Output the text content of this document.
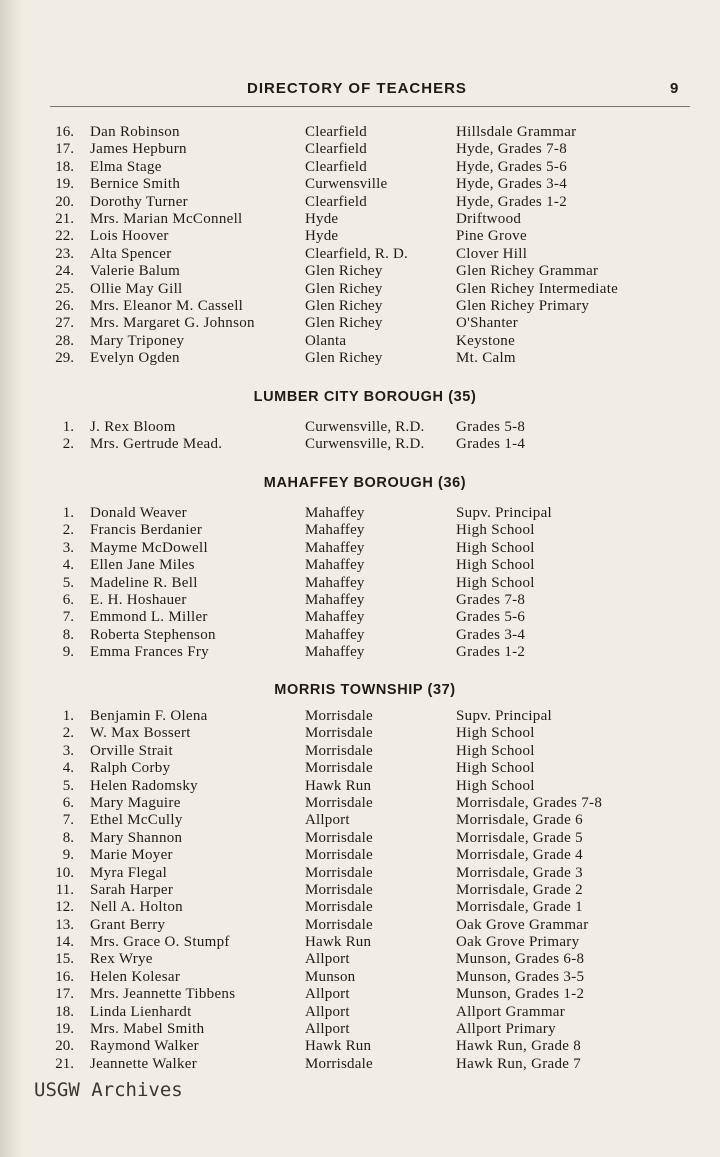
DIRECTORY OF TEACHERS	9
16. Dan Robinson	Clearfield	Hillsdale Grammar
17. James Hepburn	Clearfield	Hyde, Grades 7-8
18. Elma Stage	Clearfield	Hyde, Grades 5-6
19. Bernice Smith	Curwensville	Hyde, Grades 3-4
20. Dorothy Turner	Clearfield	Hyde, Grades 1-2
21. Mrs. Marian McConnell	Hyde	Driftwood
22. Lois Hoover	Hyde	Pine Grove
23. Alta Spencer	Clearfield, R. D.	Clover Hill
24. Valerie Balum	Glen Richey	Glen Richey Grammar
25. Ollie May Gill	Glen Richey	Glen Richey Intermediate
26. Mrs. Eleanor M. Cassell	Glen Richey	Glen Richey Primary
27. Mrs. Margaret G. Johnson	Glen Richey	O'Shanter
28. Mary Triponey	Olanta	Keystone
29. Evelyn Ogden	Glen Richey	Mt. Calm
LUMBER CITY BOROUGH (35)
1. J. Rex Bloom	Curwensville, R.D. Grades 5-8
2. Mrs. Gertrude Mead.	Curwensville, R.D. Grades 1-4
MAHAFFEY BOROUGH (36)
1. Donald Weaver	Mahaffey	Supv. Principal
2. Francis Berdanier	Mahaffey	High School
3. Mayme McDowell	Mahaffey	High School
4. Ellen Jane Miles	Mahaffey	High School
5. Madeline R. Bell	Mahaffey	High School
6. E. H. Hoshauer	Mahaffey	Grades 7-8
7. Emmond L. Miller	Mahaffey	Grades 5-6
8. Roberta Stephenson	Mahaffey	Grades 3-4
9. Emma Frances Fry	Mahaffey	Grades 1-2
MORRIS TOWNSHIP (37)
1. Benjamin F. Olena	Morrisdale	Supv. Principal
2. W. Max Bossert	Morrisdale	High School
3. Orville Strait	Morrisdale	High School
4. Ralph Corby	Morrisdale	High School
5. Helen Radomsky	Hawk Run	High School
6. Mary Maguire	Morrisdale	Morrisdale, Grades 7-8
7. Ethel McCully	Allport	Morrisdale, Grade 6
8. Mary Shannon	Morrisdale	Morrisdale, Grade 5
9. Marie Moyer	Morrisdale	Morrisdale, Grade 4
10. Myra Flegal	Morrisdale	Morrisdale, Grade 3
11. Sarah Harper	Morrisdale	Morrisdale, Grade 2
12. Nell A. Holton	Morrisdale	Morrisdale, Grade 1
13. Grant Berry	Morrisdale	Oak Grove Grammar
14. Mrs. Grace O. Stumpf	Hawk Run	Oak Grove Primary
15. Rex Wrye	Allport	Munson, Grades 6-8
16. Helen Kolesar	Munson	Munson, Grades 3-5
17. Mrs. Jeannette Tibbens	Allport	Munson, Grades 1-2
18. Linda Lienhardt	Allport	Allport Grammar
19. Mrs. Mabel Smith	Allport	Allport Primary
20. Raymond Walker	Hawk Run	Hawk Run, Grade 8
21. Jeannette Walker	Morrisdale	Hawk Run, Grade 7
USGW Archives
